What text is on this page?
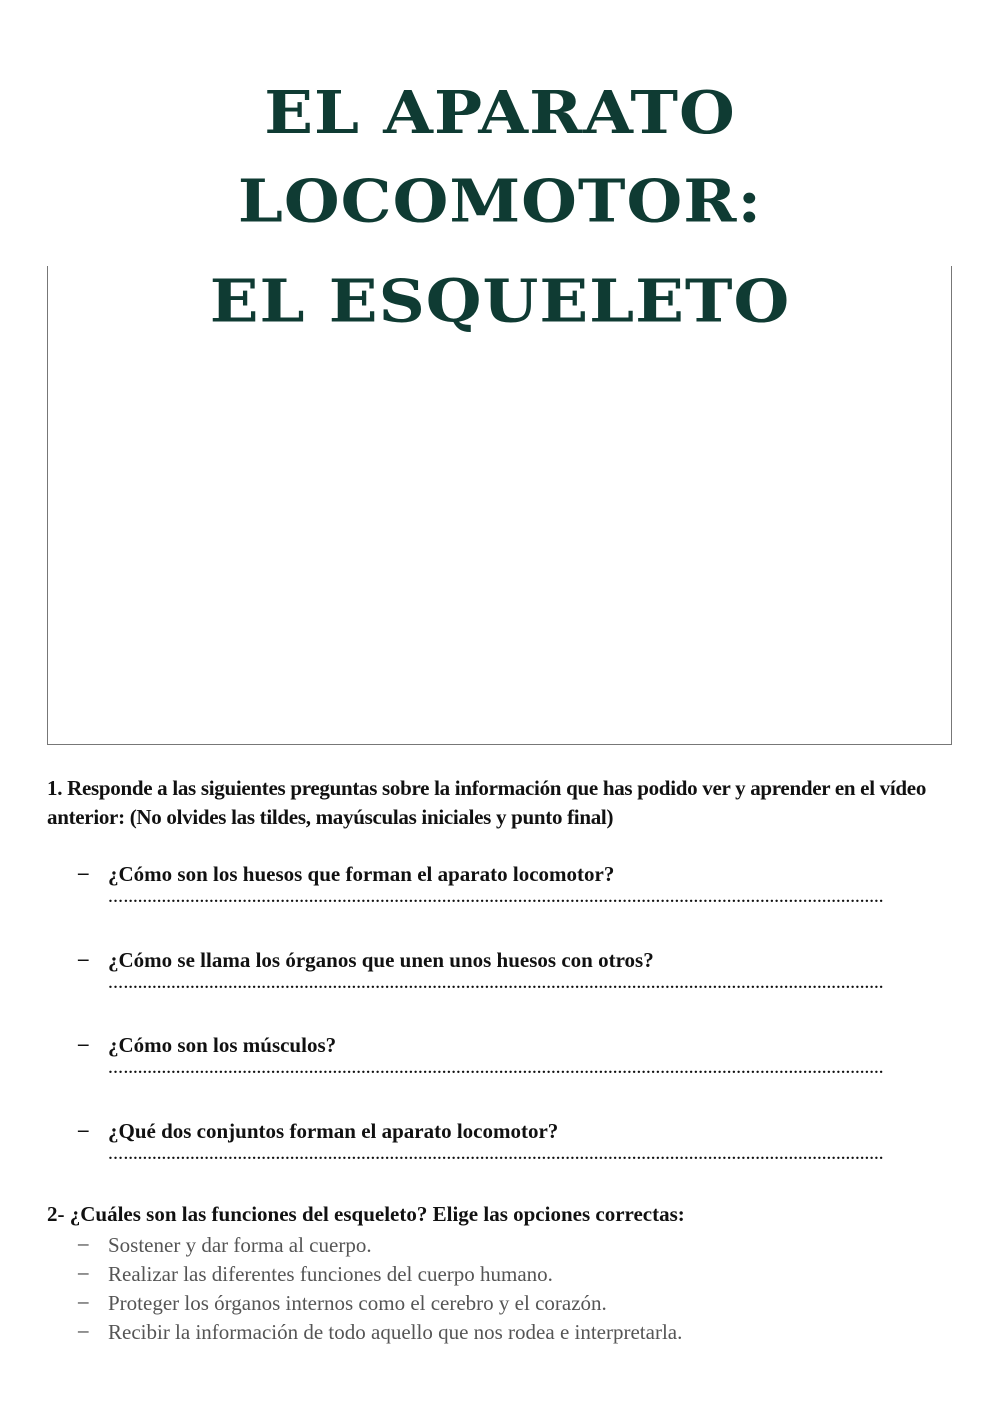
EL APARATO LOCOMOTOR:
EL ESQUELETO
1. Responde a las siguientes preguntas sobre la información que has podido ver y aprender en el vídeo anterior: (No olvides las tildes, mayúsculas iniciales y punto final)
– ¿Cómo son los huesos que forman el aparato locomotor?
…................................................................................................................................................................
– ¿Cómo se llama los órganos que unen unos huesos con otros?
…................................................................................................................................................................
– ¿Cómo son los músculos?
…................................................................................................................................................................
– ¿Qué dos conjuntos forman el aparato locomotor?
…................................................................................................................................................................
2- ¿Cuáles son las funciones del esqueleto? Elige las opciones correctas:
– Sostener y dar forma al cuerpo.
– Realizar las diferentes funciones del cuerpo humano.
– Proteger los órganos internos como el cerebro y el corazón.
– Recibir la información de todo aquello que nos rodea e interpretarla.
